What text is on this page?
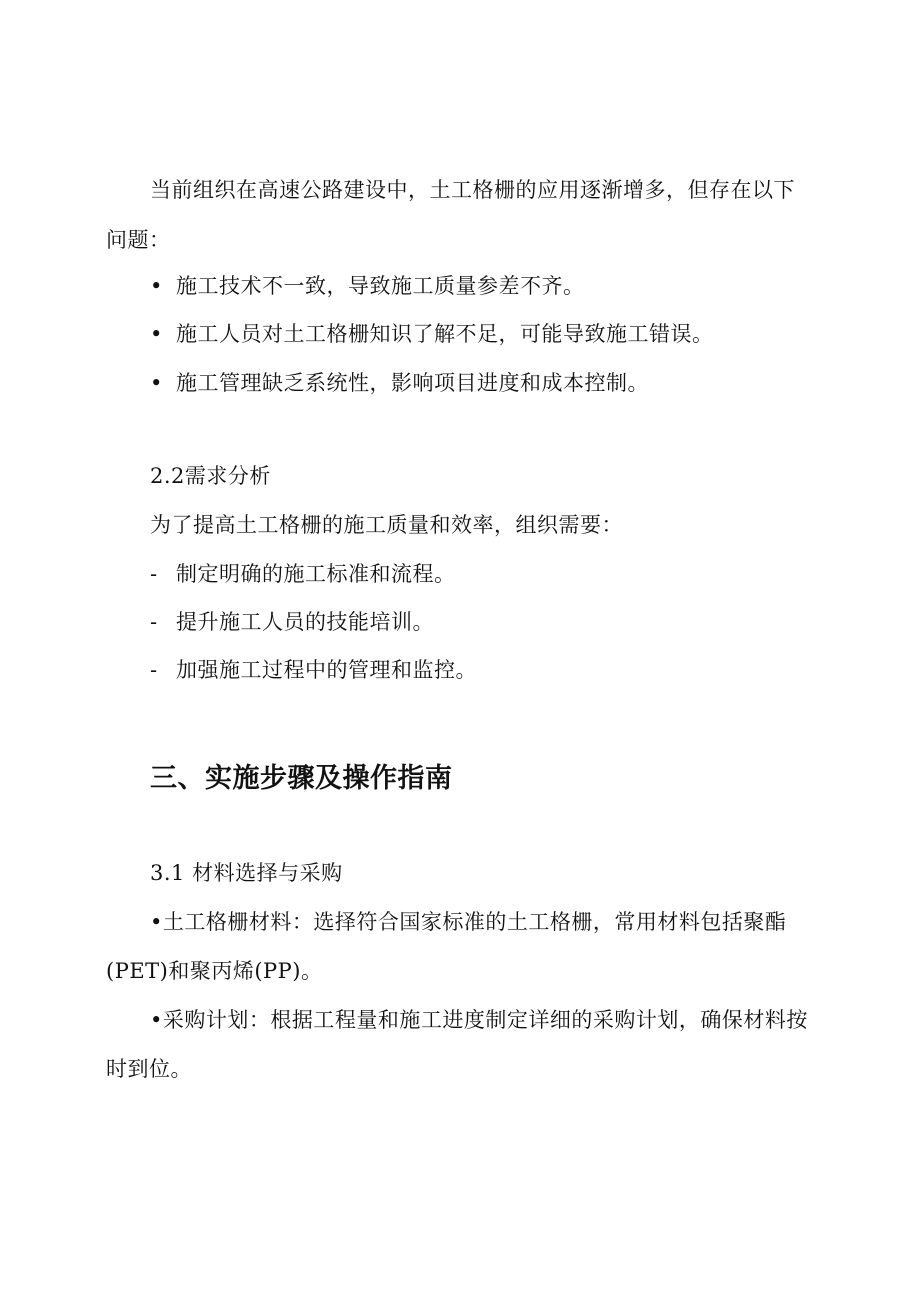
当前组织在高速公路建设中，土工格栅的应用逐渐增多，但存在以下
问题：
• 施工技术不一致，导致施工质量参差不齐。
• 施工人员对土工格栅知识了解不足，可能导致施工错误。
• 施工管理缺乏系统性，影响项目进度和成本控制。
2.2需求分析
为了提高土工格栅的施工质量和效率，组织需要：
- 制定明确的施工标准和流程。
- 提升施工人员的技能培训。
- 加强施工过程中的管理和监控。
三、实施步骤及操作指南
3.1 材料选择与采购
•土工格栅材料：选择符合国家标准的土工格栅，常用材料包括聚酯
(PET)和聚丙烯(PP)。
•采购计划：根据工程量和施工进度制定详细的采购计划，确保材料按
时到位。
